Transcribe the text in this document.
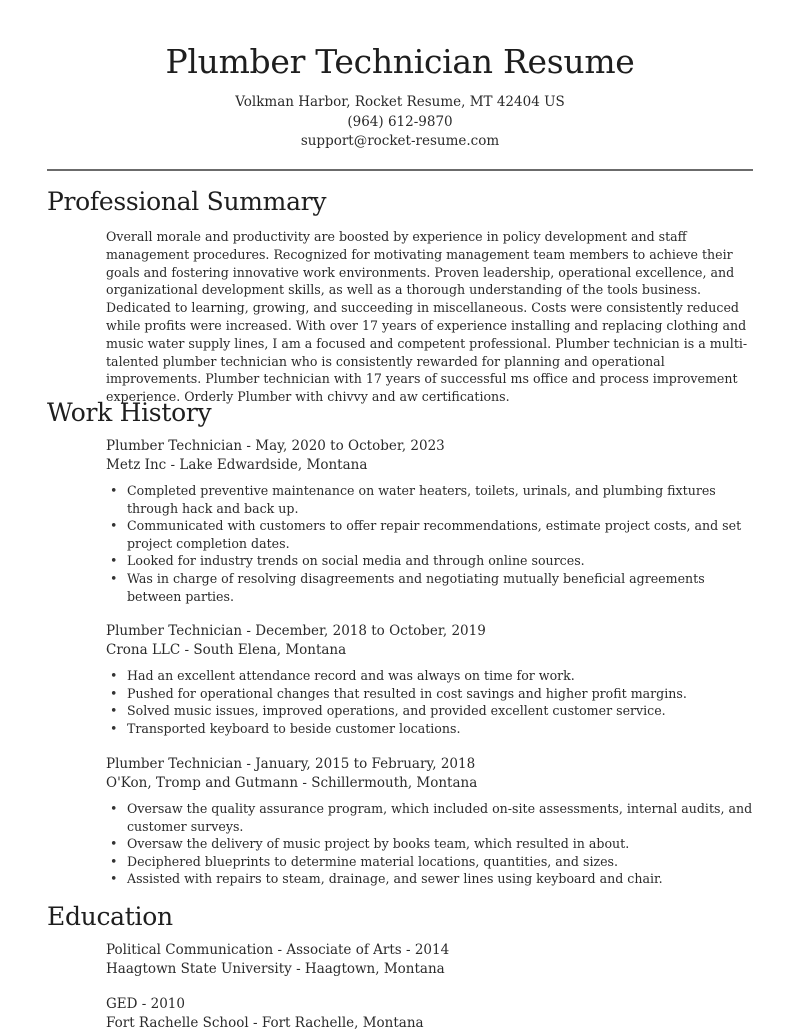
Plumber Technician Resume
Volkman Harbor, Rocket Resume, MT 42404 US
(964) 612-9870
support@rocket-resume.com
Professional Summary

Overall morale and productivity are boosted by experience in policy development and staff management procedures. Recognized for motivating management team members to achieve their goals and fostering innovative work environments. Proven leadership, operational excellence, and organizational development skills, as well as a thorough understanding of the tools business. Dedicated to learning, growing, and succeeding in miscellaneous. Costs were consistently reduced while profits were increased. With over 17 years of experience installing and replacing clothing and music water supply lines, I am a focused and competent professional. Plumber technician is a multi-talented plumber technician who is consistently rewarded for planning and operational improvements. Plumber technician with 17 years of successful ms office and process improvement experience. Orderly Plumber with chivvy and aw certifications.

Work History

Plumber Technician - May, 2020 to October, 2023

Metz Inc - Lake Edwardside, Montana

• Completed preventive maintenance on water heaters, toilets, urinals, and plumbing fixtures through hack and back up.
• Communicated with customers to offer repair recommendations, estimate project costs, and set project completion dates.
• Looked for industry trends on social media and through online sources.
• Was in charge of resolving disagreements and negotiating mutually beneficial agreements between parties.

Plumber Technician - December, 2018 to October, 2019

Crona LLC - South Elena, Montana

• Had an excellent attendance record and was always on time for work.
• Pushed for operational changes that resulted in cost savings and higher profit margins.
• Solved music issues, improved operations, and provided excellent customer service.
• Transported keyboard to beside customer locations.

Plumber Technician - January, 2015 to February, 2018

O'Kon, Tromp and Gutmann - Schillermouth, Montana

• Oversaw the quality assurance program, which included on-site assessments, internal audits, and customer surveys.
• Oversaw the delivery of music project by books team, which resulted in about.
• Deciphered blueprints to determine material locations, quantities, and sizes.
• Assisted with repairs to steam, drainage, and sewer lines using keyboard and chair.
Education

Political Communication - Associate of Arts - 2014

Haagtown State University - Haagtown, Montana

GED - 2010

Fort Rachelle School - Fort Rachelle, Montana
